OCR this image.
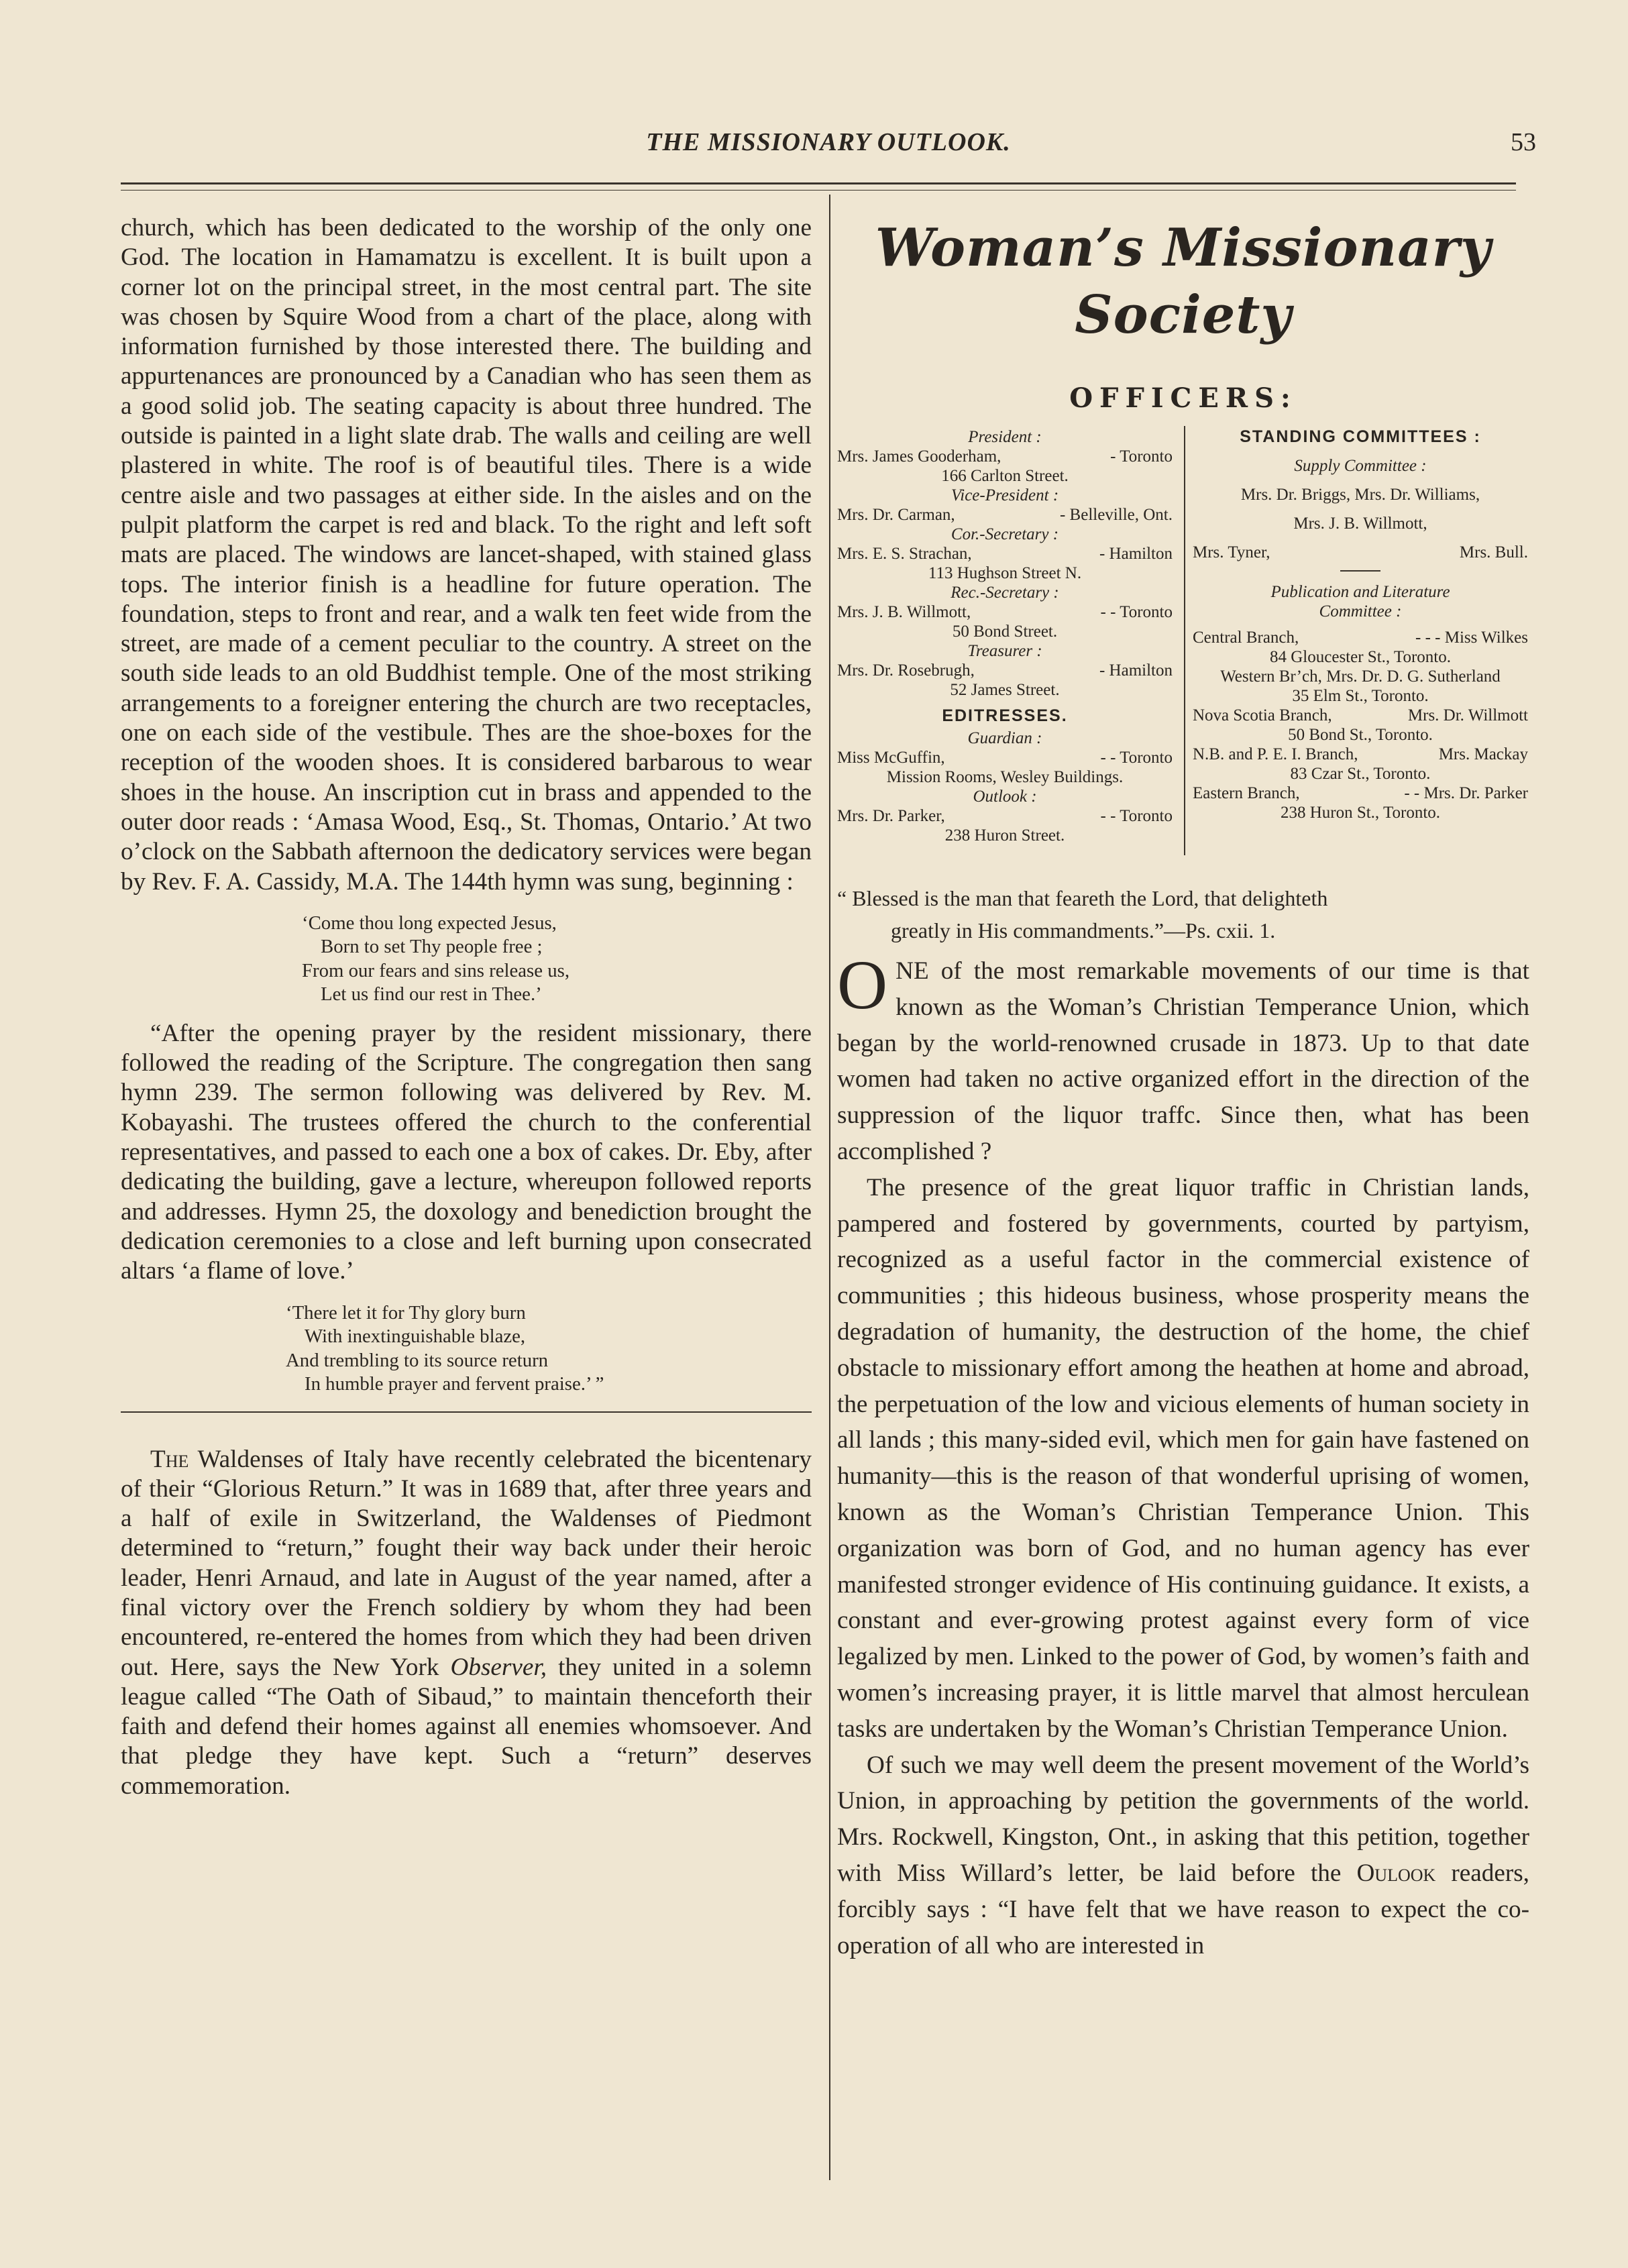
THE MISSIONARY OUTLOOK.	53

church, which has been dedicated to the worship of the only one God. The location in Hamamatzu is excellent. It is built upon a corner lot on the principal street, in the most central part. The site was chosen by Squire Wood from a chart of the place, along with information furnished by those interested there. The building and appurtenances are pronounced by a Canadian who has seen them as a good solid job. The seating capacity is about three hundred. The outside is painted in a light slate drab. The walls and ceiling are well plastered in white. The roof is of beautiful tiles. There is a wide centre aisle and two passages at either side. In the aisles and on the pulpit platform the carpet is red and black. To the right and left soft mats are placed. The windows are lancet-shaped, with stained glass tops. The interior finish is a headline for future operation. The foundation, steps to front and rear, and a walk ten feet wide from the street, are made of a cement peculiar to the country. A street on the south side leads to an old Buddhist temple. One of the most striking arrangements to a foreigner entering the church are two receptacles, one on each side of the vestibule. Thes are the shoe-boxes for the reception of the wooden shoes. It is considered barbarous to wear shoes in the house. An inscription cut in brass and appended to the outer door reads : ‘Amasa Wood, Esq., St. Thomas, Ontario.’ At two o’clock on the Sabbath afternoon the dedicatory services were began by Rev. F. A. Cassidy, M.A. The 144th hymn was sung, beginning :

‘Come thou long expected Jesus,
Born to set Thy people free ;
From our fears and sins release us,
Let us find our rest in Thee.’

“After the opening prayer by the resident missionary, there followed the reading of the Scripture. The congregation then sang hymn 239. The sermon following was delivered by Rev. M. Kobayashi. The trustees offered the church to the conferential representatives, and passed to each one a box of cakes. Dr. Eby, after dedicating the building, gave a lecture, whereupon followed reports and addresses. Hymn 25, the doxology and benediction brought the dedication ceremonies to a close and left burning upon consecrated altars ‘a flame of love.’

‘There let it for Thy glory burn
With inextinguishable blaze,
And trembling to its source return
In humble prayer and fervent praise.’ ”

The Waldenses of Italy have recently celebrated the bicentenary of their “Glorious Return.” It was in 1689 that, after three years and a half of exile in Switzerland, the Waldenses of Piedmont determined to “return,” fought their way back under their heroic leader, Henri Arnaud, and late in August of the year named, after a final victory over the French soldiery by whom they had been encountered, re-entered the homes from which they had been driven out. Here, says the New York Observer, they united in a solemn league called “The Oath of Sibaud,” to maintain thenceforth their faith and defend their homes against all enemies whomsoever. And that pledge they have kept. Such a “return” deserves commemoration.

Woman’s Missionary Society
OFFICERS:
President :
Mrs. James Gooderham,	- Toronto
166 Carlton Street.
Vice-President :
Mrs. Dr. Carman,	- Belleville, Ont.
Cor.-Secretary :
Mrs. E. S. Strachan,	- Hamilton
113 Hughson Street N.
Rec.-Secretary :
Mrs. J. B. Willmott,	- - Toronto
50 Bond Street.
Treasurer :
Mrs. Dr. Rosebrugh,	- Hamilton
52 James Street.
EDITRESSES.
Guardian :
Miss McGuffin,	- - Toronto
Mission Rooms, Wesley Buildings.
Outlook :
Mrs. Dr. Parker,	- - Toronto
238 Huron Street.
STANDING COMMITTEES :
Supply Committee :
Mrs. Dr. Briggs, Mrs. Dr. Williams,
Mrs. J. B. Willmott,
Mrs. Tyner,	Mrs. Bull.
Publication and Literature
Committee :
Central Branch,	- - - Miss Wilkes
84 Gloucester St., Toronto.
Western Br’ch, Mrs. Dr. D. G. Sutherland
35 Elm St., Toronto.
Nova Scotia Branch,	Mrs. Dr. Willmott
50 Bond St., Toronto.
N.B. and P. E. I. Branch,	Mrs. Mackay
83 Czar St., Toronto.
Eastern Branch,	- - Mrs. Dr. Parker
238 Huron St., Toronto.
“ Blessed is the man that feareth the Lord, that delighteth
greatly in His commandments.”—Ps. cxii. 1.

ONE of the most remarkable movements of our time is that known as the Woman’s Christian Temperance Union, which began by the world-renowned crusade in 1873. Up to that date women had taken no active organized effort in the direction of the suppression of the liquor traffc. Since then, what has been accomplished ?

The presence of the great liquor traffic in Christian lands, pampered and fostered by governments, courted by partyism, recognized as a useful factor in the commercial existence of communities ; this hideous business, whose prosperity means the degradation of humanity, the destruction of the home, the chief obstacle to missionary effort among the heathen at home and abroad, the perpetuation of the low and vicious elements of human society in all lands ; this many-sided evil, which men for gain have fastened on humanity—this is the reason of that wonderful uprising of women, known as the Woman’s Christian Temperance Union. This organization was born of God, and no human agency has ever manifested stronger evidence of His continuing guidance. It exists, a constant and ever-growing protest against every form of vice legalized by men. Linked to the power of God, by women’s faith and women’s increasing prayer, it is little marvel that almost herculean tasks are undertaken by the Woman’s Christian Temperance Union.

Of such we may well deem the present movement of the World’s Union, in approaching by petition the governments of the world. Mrs. Rockwell, Kingston, Ont., in asking that this petition, together with Miss Willard’s letter, be laid before the Oulook readers, forcibly says : “I have felt that we have reason to expect the co-operation of all who are interested in
